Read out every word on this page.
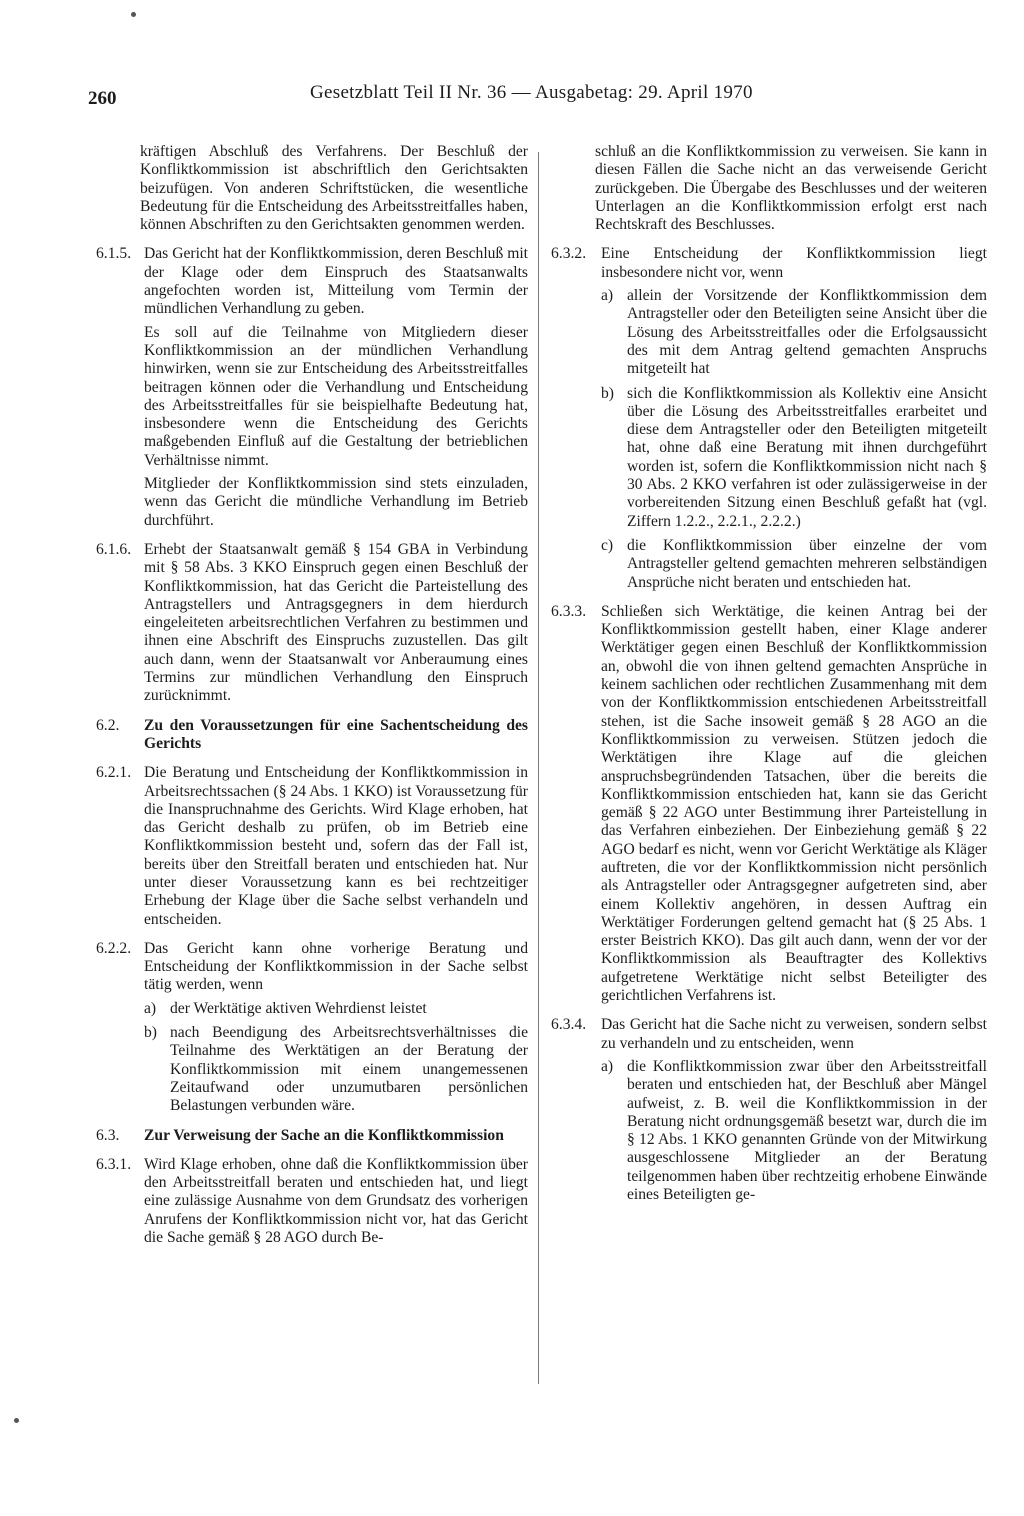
260	Gesetzblatt Teil II Nr. 36 — Ausgabetag: 29. April 1970
kräftigen Abschluß des Verfahrens. Der Beschluß der Konfliktkommission ist abschriftlich den Gerichtsakten beizufügen. Von anderen Schriftstücken, die wesentliche Bedeutung für die Entscheidung des Arbeitsstreitfalles haben, können Abschriften zu den Gerichtsakten genommen werden.
6.1.5. Das Gericht hat der Konfliktkommission, deren Beschluß mit der Klage oder dem Einspruch des Staatsanwalts angefochten worden ist, Mitteilung vom Termin der mündlichen Verhandlung zu geben.

Es soll auf die Teilnahme von Mitgliedern dieser Konfliktkommission an der mündlichen Verhandlung hinwirken, wenn sie zur Entscheidung des Arbeitsstreitfalles beitragen können oder die Verhandlung und Entscheidung des Arbeitsstreitfalles für sie beispielhafte Bedeutung hat, insbesondere wenn die Entscheidung des Gerichts maßgebenden Einfluß auf die Gestaltung der betrieblichen Verhältnisse nimmt.

Mitglieder der Konfliktkommission sind stets einzuladen, wenn das Gericht die mündliche Verhandlung im Betrieb durchführt.

6.1.6. Erhebt der Staatsanwalt gemäß § 154 GBA in Verbindung mit § 58 Abs. 3 KKO Einspruch gegen einen Beschluß der Konfliktkommission, hat das Gericht die Parteistellung des Antragstellers und Antragsgegners in dem hierdurch eingeleiteten arbeitsrechtlichen Verfahren zu bestimmen und ihnen eine Abschrift des Einspruchs zuzustellen. Das gilt auch dann, wenn der Staatsanwalt vor Anberaumung eines Termins zur mündlichen Verhandlung den Einspruch zurücknimmt.

6.2. Zu den Voraussetzungen für eine Sachentscheidung des Gerichts

6.2.1. Die Beratung und Entscheidung der Konfliktkommission in Arbeitsrechtssachen (§ 24 Abs. 1 KKO) ist Voraussetzung für die Inanspruchnahme des Gerichts. Wird Klage erhoben, hat das Gericht deshalb zu prüfen, ob im Betrieb eine Konfliktkommission besteht und, sofern das der Fall ist, bereits über den Streitfall beraten und entschieden hat. Nur unter dieser Voraussetzung kann es bei rechtzeitiger Erhebung der Klage über die Sache selbst verhandeln und entscheiden.

6.2.2. Das Gericht kann ohne vorherige Beratung und Entscheidung der Konfliktkommission in der Sache selbst tätig werden, wenn

a) der Werktätige aktiven Wehrdienst leistet
b) nach Beendigung des Arbeitsrechtsverhältnisses die Teilnahme des Werktätigen an der Beratung der Konfliktkommission mit einem unangemessenen Zeitaufwand oder unzumutbaren persönlichen Belastungen verbunden wäre.
6.3. Zur Verweisung der Sache an die Konfliktkommission

6.3.1. Wird Klage erhoben, ohne daß die Konfliktkommission über den Arbeitsstreitfall beraten und entschieden hat, und liegt eine zulässige Ausnahme von dem Grundsatz des vorherigen Anrufens der Konfliktkommission nicht vor, hat das Gericht die Sache gemäß § 28 AGO durch Be-

schluß an die Konfliktkommission zu verweisen. Sie kann in diesen Fällen die Sache nicht an das verweisende Gericht zurückgeben. Die Übergabe des Beschlusses und der weiteren Unterlagen an die Konfliktkommission erfolgt erst nach Rechtskraft des Beschlusses.
6.3.2. Eine Entscheidung der Konfliktkommission liegt insbesondere nicht vor, wenn

a) allein der Vorsitzende der Konfliktkommission dem Antragsteller oder den Beteiligten seine Ansicht über die Lösung des Arbeitsstreitfalles oder die Erfolgsaussicht des mit dem Antrag geltend gemachten Anspruchs mitgeteilt hat
b) sich die Konfliktkommission als Kollektiv eine Ansicht über die Lösung des Arbeitsstreitfalles erarbeitet und diese dem Antragsteller oder den Beteiligten mitgeteilt hat, ohne daß eine Beratung mit ihnen durchgeführt worden ist, sofern die Konfliktkommission nicht nach § 30 Abs. 2 KKO verfahren ist oder zulässigerweise in der vorbereitenden Sitzung einen Beschluß gefaßt hat (vgl. Ziffern 1.2.2., 2.2.1., 2.2.2.)
c) die Konfliktkommission über einzelne der vom Antragsteller geltend gemachten mehreren selbständigen Ansprüche nicht beraten und entschieden hat.
6.3.3. Schließen sich Werktätige, die keinen Antrag bei der Konfliktkommission gestellt haben, einer Klage anderer Werktätiger gegen einen Beschluß der Konfliktkommission an, obwohl die von ihnen geltend gemachten Ansprüche in keinem sachlichen oder rechtlichen Zusammenhang mit dem von der Konfliktkommission entschiedenen Arbeitsstreitfall stehen, ist die Sache insoweit gemäß § 28 AGO an die Konfliktkommission zu verweisen. Stützen jedoch die Werktätigen ihre Klage auf die gleichen anspruchsbegründenden Tatsachen, über die bereits die Konfliktkommission entschieden hat, kann sie das Gericht gemäß § 22 AGO unter Bestimmung ihrer Parteistellung in das Verfahren einbeziehen. Der Einbeziehung gemäß § 22 AGO bedarf es nicht, wenn vor Gericht Werktätige als Kläger auftreten, die vor der Konfliktkommission nicht persönlich als Antragsteller oder Antragsgegner aufgetreten sind, aber einem Kollektiv angehören, in dessen Auftrag ein Werktätiger Forderungen geltend gemacht hat (§ 25 Abs. 1 erster Beistrich KKO). Das gilt auch dann, wenn der vor der Konfliktkommission als Beauftragter des Kollektivs aufgetretene Werktätige nicht selbst Beteiligter des gerichtlichen Verfahrens ist.

6.3.4. Das Gericht hat die Sache nicht zu verweisen, sondern selbst zu verhandeln und zu entscheiden, wenn

a) die Konfliktkommission zwar über den Arbeitsstreitfall beraten und entschieden hat, der Beschluß aber Mängel aufweist, z. B. weil die Konfliktkommission in der Beratung nicht ordnungsgemäß besetzt war, durch die im § 12 Abs. 1 KKO genannten Gründe von der Mitwirkung ausgeschlossene Mitglieder an der Beratung teilgenommen haben über rechtzeitig erhobene Einwände eines Beteiligten ge-
